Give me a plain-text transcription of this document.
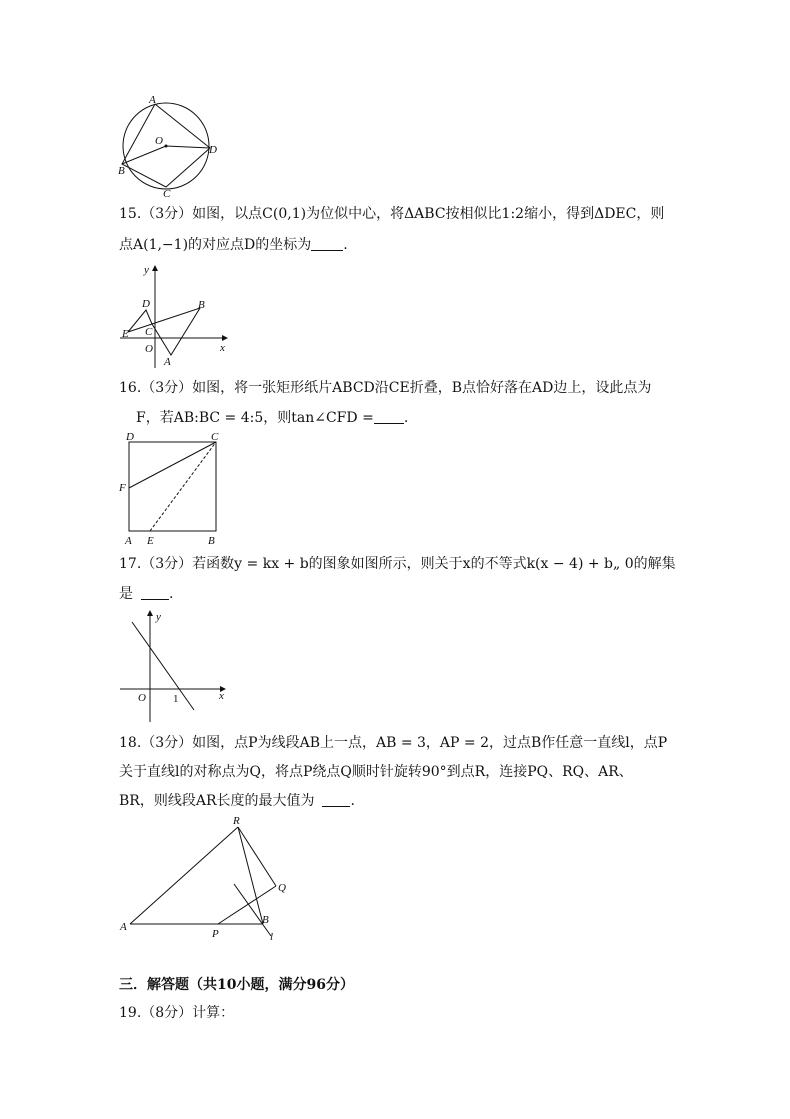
A
O
D
B
C
15.（3分）如图，以点C(0,1)为位似中心，将ΔABC按相似比1:2缩小，得到ΔDEC，则
点A(1,−1)的对应点D的坐标为 .
y
D	B
E C
O
A
x
16.（3分）如图，将一张矩形纸片ABCD沿CE折叠，B点恰好落在AD边上，设此点为
F，若AB:BC = 4:5，则tan∠CFD = .
D	C
F
A E	B
17.（3分）若函数y = kx + b的图象如图所示，则关于x的不等式k(x − 4) + b„ 0的解集
是	.
y
O 1	x
18.（3分）如图，点P为线段AB上一点，AB = 3，AP = 2，过点B作任意一直线l，点P
关于直线l的对称点为Q，将点P绕点Q顺时针旋转90°到点R，连接PQ、RQ、AR、
BR，则线段AR长度的最大值为	.
R
Q
A
P
B
l
三．解答题（共10小题，满分96分）
19.（8分）计算：
